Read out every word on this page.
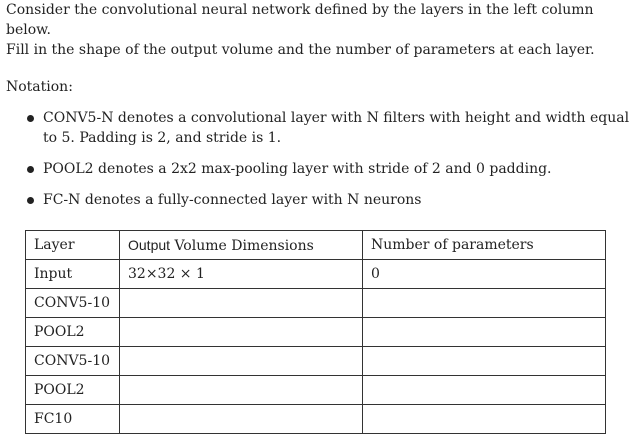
Consider the convolutional neural network defined by the layers in the left column below.

Fill in the shape of the output volume and the number of parameters at each layer.

Notation:
CONV5-N denotes a convolutional layer with N filters with height and width equal to 5. Padding is 2, and stride is 1.
POOL2 denotes a 2x2 max-pooling layer with stride of 2 and 0 padding.
FC-N denotes a fully-connected layer with N neurons
Layer	Output Volume Dimensions	Number of parameters
Input	32×32 × 1	0
CONV5-10		
POOL2		
CONV5-10		
POOL2		
FC10		
